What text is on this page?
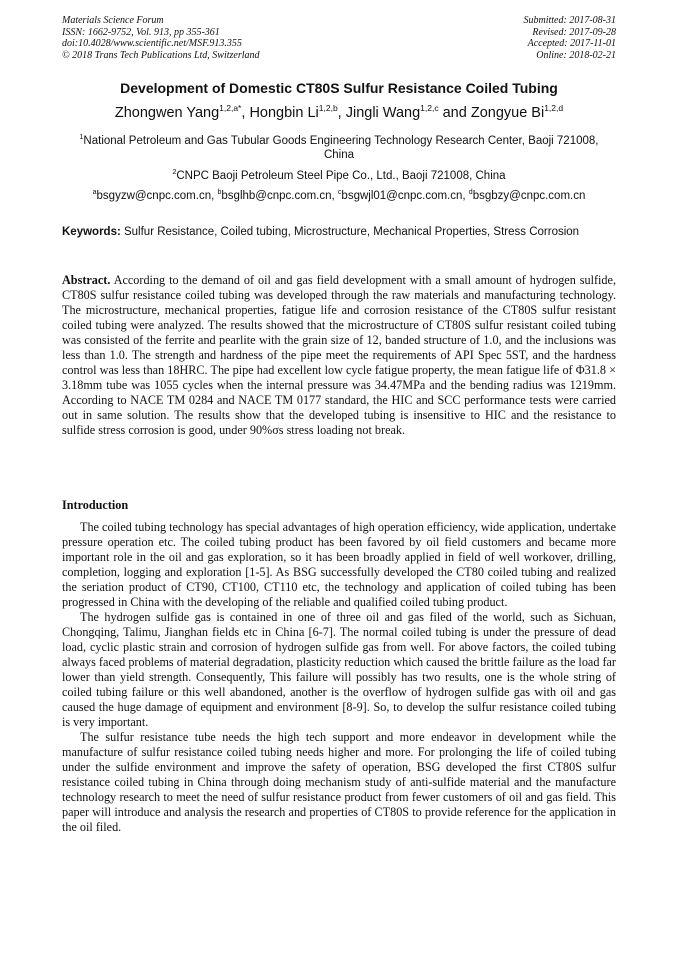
Materials Science Forum
ISSN: 1662-9752, Vol. 913, pp 355-361
doi:10.4028/www.scientific.net/MSF.913.355
© 2018 Trans Tech Publications Ltd, Switzerland
Submitted: 2017-08-31
Revised: 2017-09-28
Accepted: 2017-11-01
Online: 2018-02-21
Development of Domestic CT80S Sulfur Resistance Coiled Tubing
Zhongwen Yang$^{1,2,a*}$, Hongbin Li$^{1,2,b}$, Jingli Wang$^{1,2,c}$ and Zongyue Bi$^{1,2,d}$
$^1$National Petroleum and Gas Tubular Goods Engineering Technology Research Center, Baoji 721008, China
$^2$CNPC Baoji Petroleum Steel Pipe Co., Ltd., Baoji 721008, China
$^a$bsgyzw@cnpc.com.cn, $^b$bsglhb@cnpc.com.cn, $^c$bsgwjl01@cnpc.com.cn, $^d$bsgbzy@cnpc.com.cn
Keywords: Sulfur Resistance, Coiled tubing, Microstructure, Mechanical Properties, Stress Corrosion
Abstract. According to the demand of oil and gas field development with a small amount of hydrogen sulfide, CT80S sulfur resistance coiled tubing was developed through the raw materials and manufacturing technology. The microstructure, mechanical properties, fatigue life and corrosion resistance of the CT80S sulfur resistant coiled tubing were analyzed. The results showed that the microstructure of CT80S sulfur resistant coiled tubing was consisted of the ferrite and pearlite with the grain size of 12, banded structure of 1.0, and the inclusions was less than 1.0. The strength and hardness of the pipe meet the requirements of API Spec 5ST, and the hardness control was less than 18HRC. The pipe had excellent low cycle fatigue property, the mean fatigue life of Φ31.8 × 3.18mm tube was 1055 cycles when the internal pressure was 34.47MPa and the bending radius was 1219mm. According to NACE TM 0284 and NACE TM 0177 standard, the HIC and SCC performance tests were carried out in same solution. The results show that the developed tubing is insensitive to HIC and the resistance to sulfide stress corrosion is good, under 90%σs stress loading not break.
Introduction

The coiled tubing technology has special advantages of high operation efficiency, wide application, undertake pressure operation etc. The coiled tubing product has been favored by oil field customers and became more important role in the oil and gas exploration, so it has been broadly applied in field of well workover, drilling, completion, logging and exploration [1-5]. As BSG successfully developed the CT80 coiled tubing and realized the seriation product of CT90, CT100, CT110 etc, the technology and application of coiled tubing has been progressed in China with the developing of the reliable and qualified coiled tubing product.

The hydrogen sulfide gas is contained in one of three oil and gas filed of the world, such as Sichuan, Chongqing, Talimu, Jianghan fields etc in China [6-7]. The normal coiled tubing is under the pressure of dead load, cyclic plastic strain and corrosion of hydrogen sulfide gas from well. For above factors, the coiled tubing always faced problems of material degradation, plasticity reduction which caused the brittle failure as the load far lower than yield strength. Consequently, This failure will possibly has two results, one is the whole string of coiled tubing failure or this well abandoned, another is the overflow of hydrogen sulfide gas with oil and gas caused the huge damage of equipment and environment [8-9]. So, to develop the sulfur resistance coiled tubing is very important.

The sulfur resistance tube needs the high tech support and more endeavor in development while the manufacture of sulfur resistance coiled tubing needs higher and more. For prolonging the life of coiled tubing under the sulfide environment and improve the safety of operation, BSG developed the first CT80S sulfur resistance coiled tubing in China through doing mechanism study of anti-sulfide material and the manufacture technology research to meet the need of sulfur resistance product from fewer customers of oil and gas field. This paper will introduce and analysis the research and properties of CT80S to provide reference for the application in the oil filed.
